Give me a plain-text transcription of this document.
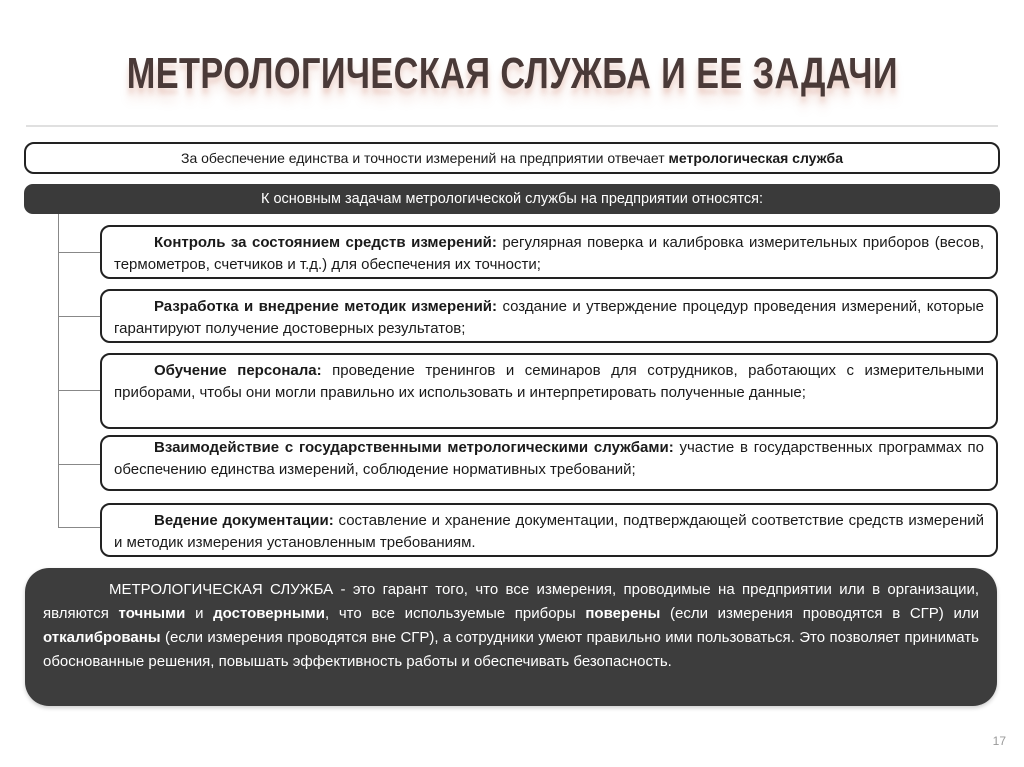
МЕТРОЛОГИЧЕСКАЯ СЛУЖБА И ЕЕ ЗАДАЧИ
За обеспечение единства и точности измерений на предприятии отвечает метрологическая служба
К основным задачам метрологической службы на предприятии относятся:
Контроль за состоянием средств измерений: регулярная поверка и калибровка измерительных приборов (весов, термометров, счетчиков и т.д.) для обеспечения их точности;
Разработка и внедрение методик измерений: создание и утверждение процедур проведения измерений, которые гарантируют получение достоверных результатов;
Обучение персонала: проведение тренингов и семинаров для сотрудников, работающих с измерительными приборами, чтобы они могли правильно их использовать и интерпретировать полученные данные;
Взаимодействие с государственными метрологическими службами: участие в государственных программах по обеспечению единства измерений, соблюдение нормативных требований;
Ведение документации: составление и хранение документации, подтверждающей соответствие средств измерений и методик измерения установленным требованиям.
МЕТРОЛОГИЧЕСКАЯ СЛУЖБА - это гарант того, что все измерения, проводимые на предприятии или в организации, являются точными и достоверными, что все используемые приборы поверены (если измерения проводятся в СГР) или откалиброваны (если измерения проводятся вне СГР), а сотрудники умеют правильно ими пользоваться. Это позволяет принимать обоснованные решения, повышать эффективность работы и обеспечивать безопасность.
17
